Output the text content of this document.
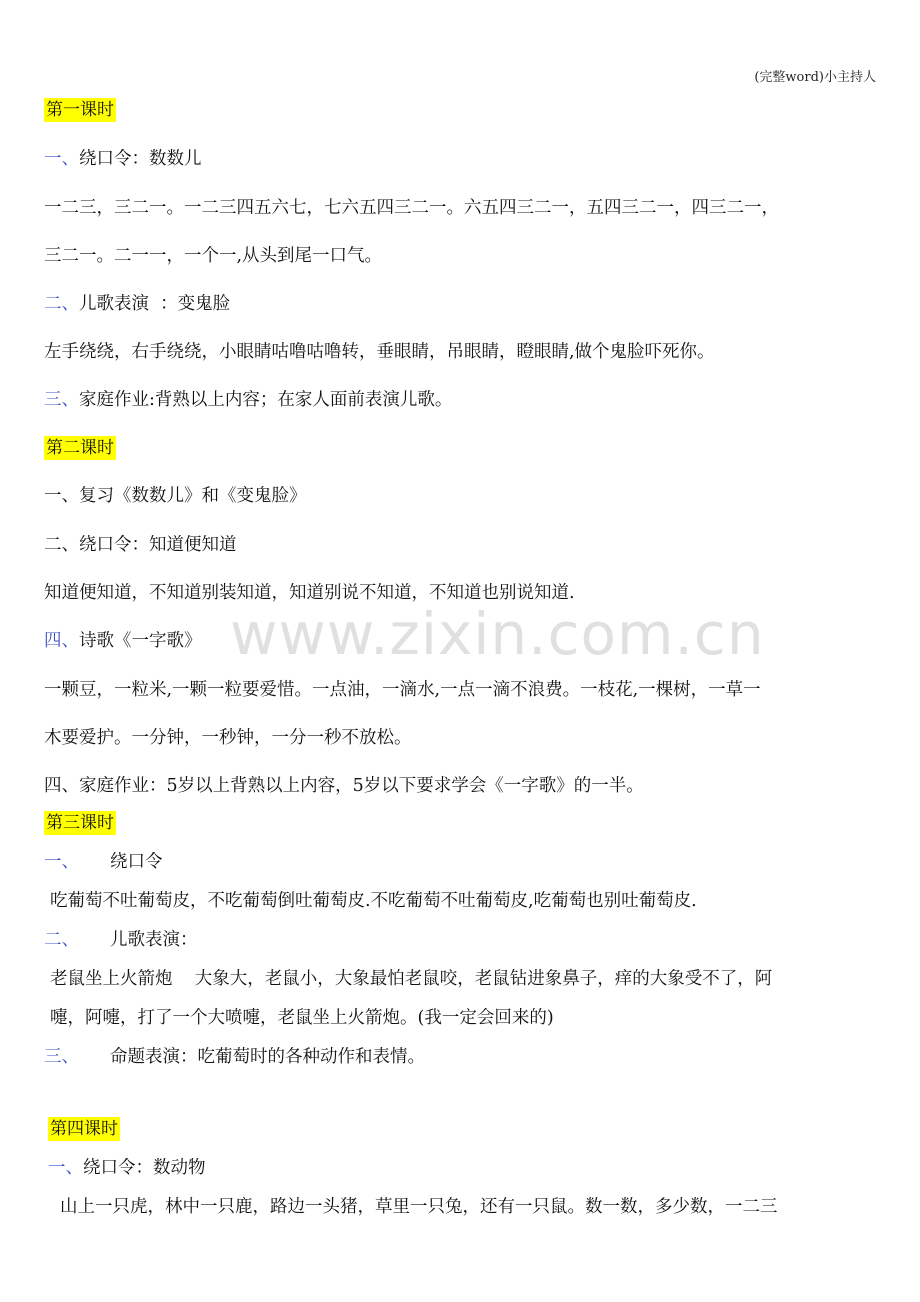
(完整word)小主持人
www.zixin.com.cn
第一课时
一、绕口令：数数儿
一二三，三二一。一二三四五六七，七六五四三二一。六五四三二一，五四三二一，四三二一，
三二一。二一一，一个一,从头到尾一口气。
二、儿歌表演  ：变鬼脸
左手绕绕，右手绕绕，小眼睛咕噜咕噜转，垂眼睛，吊眼睛，瞪眼睛,做个鬼脸吓死你。
三、家庭作业:背熟以上内容；在家人面前表演儿歌。
第二课时
一、复习《数数儿》和《变鬼脸》
二、绕口令：知道便知道
知道便知道，不知道别装知道，知道别说不知道，不知道也别说知道.
四、诗歌《一字歌》
一颗豆，一粒米,一颗一粒要爱惜。一点油，一滴水,一点一滴不浪费。一枝花,一棵树，一草一
木要爱护。一分钟，一秒钟，一分一秒不放松。
四、家庭作业：5岁以上背熟以上内容，5岁以下要求学会《一字歌》的一半。
第三课时
一、 绕口令
吃葡萄不吐葡萄皮，不吃葡萄倒吐葡萄皮.不吃葡萄不吐葡萄皮,吃葡萄也别吐葡萄皮.
二、 儿歌表演：
老鼠坐上火箭炮    大象大，老鼠小，大象最怕老鼠咬，老鼠钻进象鼻子，痒的大象受不了，阿
嚏，阿嚏，打了一个大喷嚏，老鼠坐上火箭炮。(我一定会回来的)
三、 命题表演：吃葡萄时的各种动作和表情。
第四课时
一、绕口令：数动物
山上一只虎，林中一只鹿，路边一头猪，草里一只兔，还有一只鼠。数一数，多少数，一二三
